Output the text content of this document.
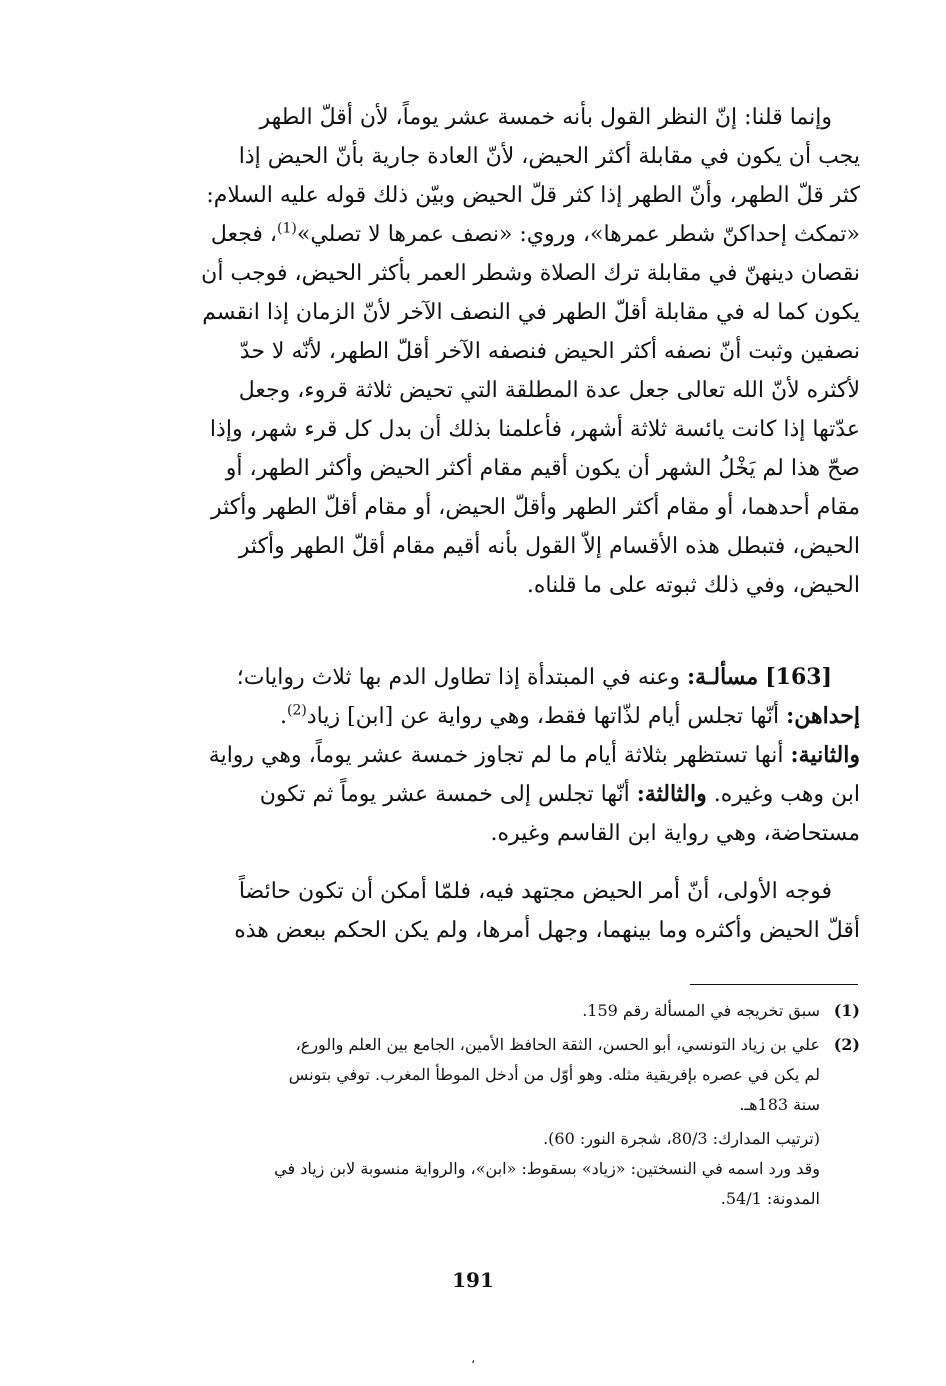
وإنما قلنا: إنّ النظر القول بأنه خمسة عشر يوماً، لأن أقلّ الطهر
يجب أن يكون في مقابلة أكثر الحيض، لأنّ العادة جارية بأنّ الحيض إذا
كثر قلّ الطهر، وأنّ الطهر إذا كثر قلّ الحيض وبيّن ذلك قوله عليه السلام:
«تمكث إحداكنّ شطر عمرها»، وروي: «نصف عمرها لا تصلي»$^{(1)}$، فجعل
نقصان دينهنّ في مقابلة ترك الصلاة وشطر العمر بأكثر الحيض، فوجب أن
يكون كما له في مقابلة أقلّ الطهر في النصف الآخر لأنّ الزمان إذا انقسم
نصفين وثبت أنّ نصفه أكثر الحيض فنصفه الآخر أقلّ الطهر، لأنّه لا حدّ
لأكثره لأنّ الله تعالى جعل عدة المطلقة التي تحيض ثلاثة قروء، وجعل
عدّتها إذا كانت يائسة ثلاثة أشهر، فأعلمنا بذلك أن بدل كل قرء شهر، وإذا
صحّ هذا لم يَخْلُ الشهر أن يكون أقيم مقام أكثر الحيض وأكثر الطهر، أو
مقام أحدهما، أو مقام أكثر الطهر وأقلّ الحيض، أو مقام أقلّ الطهر وأكثر
الحيض، فتبطل هذه الأقسام إلاّ القول بأنه أقيم مقام أقلّ الطهر وأكثر
الحيض، وفي ذلك ثبوته على ما قلناه.
[163] مسألـة: وعنه في المبتدأة إذا تطاول الدم بها ثلاث روايات؛
إحداهن: أنّها تجلس أيام لذّاتها فقط، وهي رواية عن [ابن] زياد$^{(2)}$.
والثانية: أنها تستظهر بثلاثة أيام ما لم تجاوز خمسة عشر يوماً، وهي رواية
ابن وهب وغيره. والثالثة: أنّها تجلس إلى خمسة عشر يوماً ثم تكون
مستحاضة، وهي رواية ابن القاسم وغيره.
فوجه الأولى، أنّ أمر الحيض مجتهد فيه، فلمّا أمكن أن تكون حائضاً
أقلّ الحيض وأكثره وما بينهما، وجهل أمرها، ولم يكن الحكم ببعض هذه
(1)
سبق تخريجه في المسألة رقم 159.
(2)
علي بن زياد التونسي، أبو الحسن، الثقة الحافظ الأمين، الجامع بين العلم والورع،
لم يكن في عصره بإفريقية مثله. وهو أوّل من أدخل الموطأ المغرب. توفي بتونس
سنة 183هـ.
(ترتيب المدارك: 80/3، شجرة النور: 60).
وقد ورد اسمه في النسختين: «زياد» بسقوط: «ابن»، والرواية منسوبة لابن زياد في
المدونة: 54/1.
191
،
